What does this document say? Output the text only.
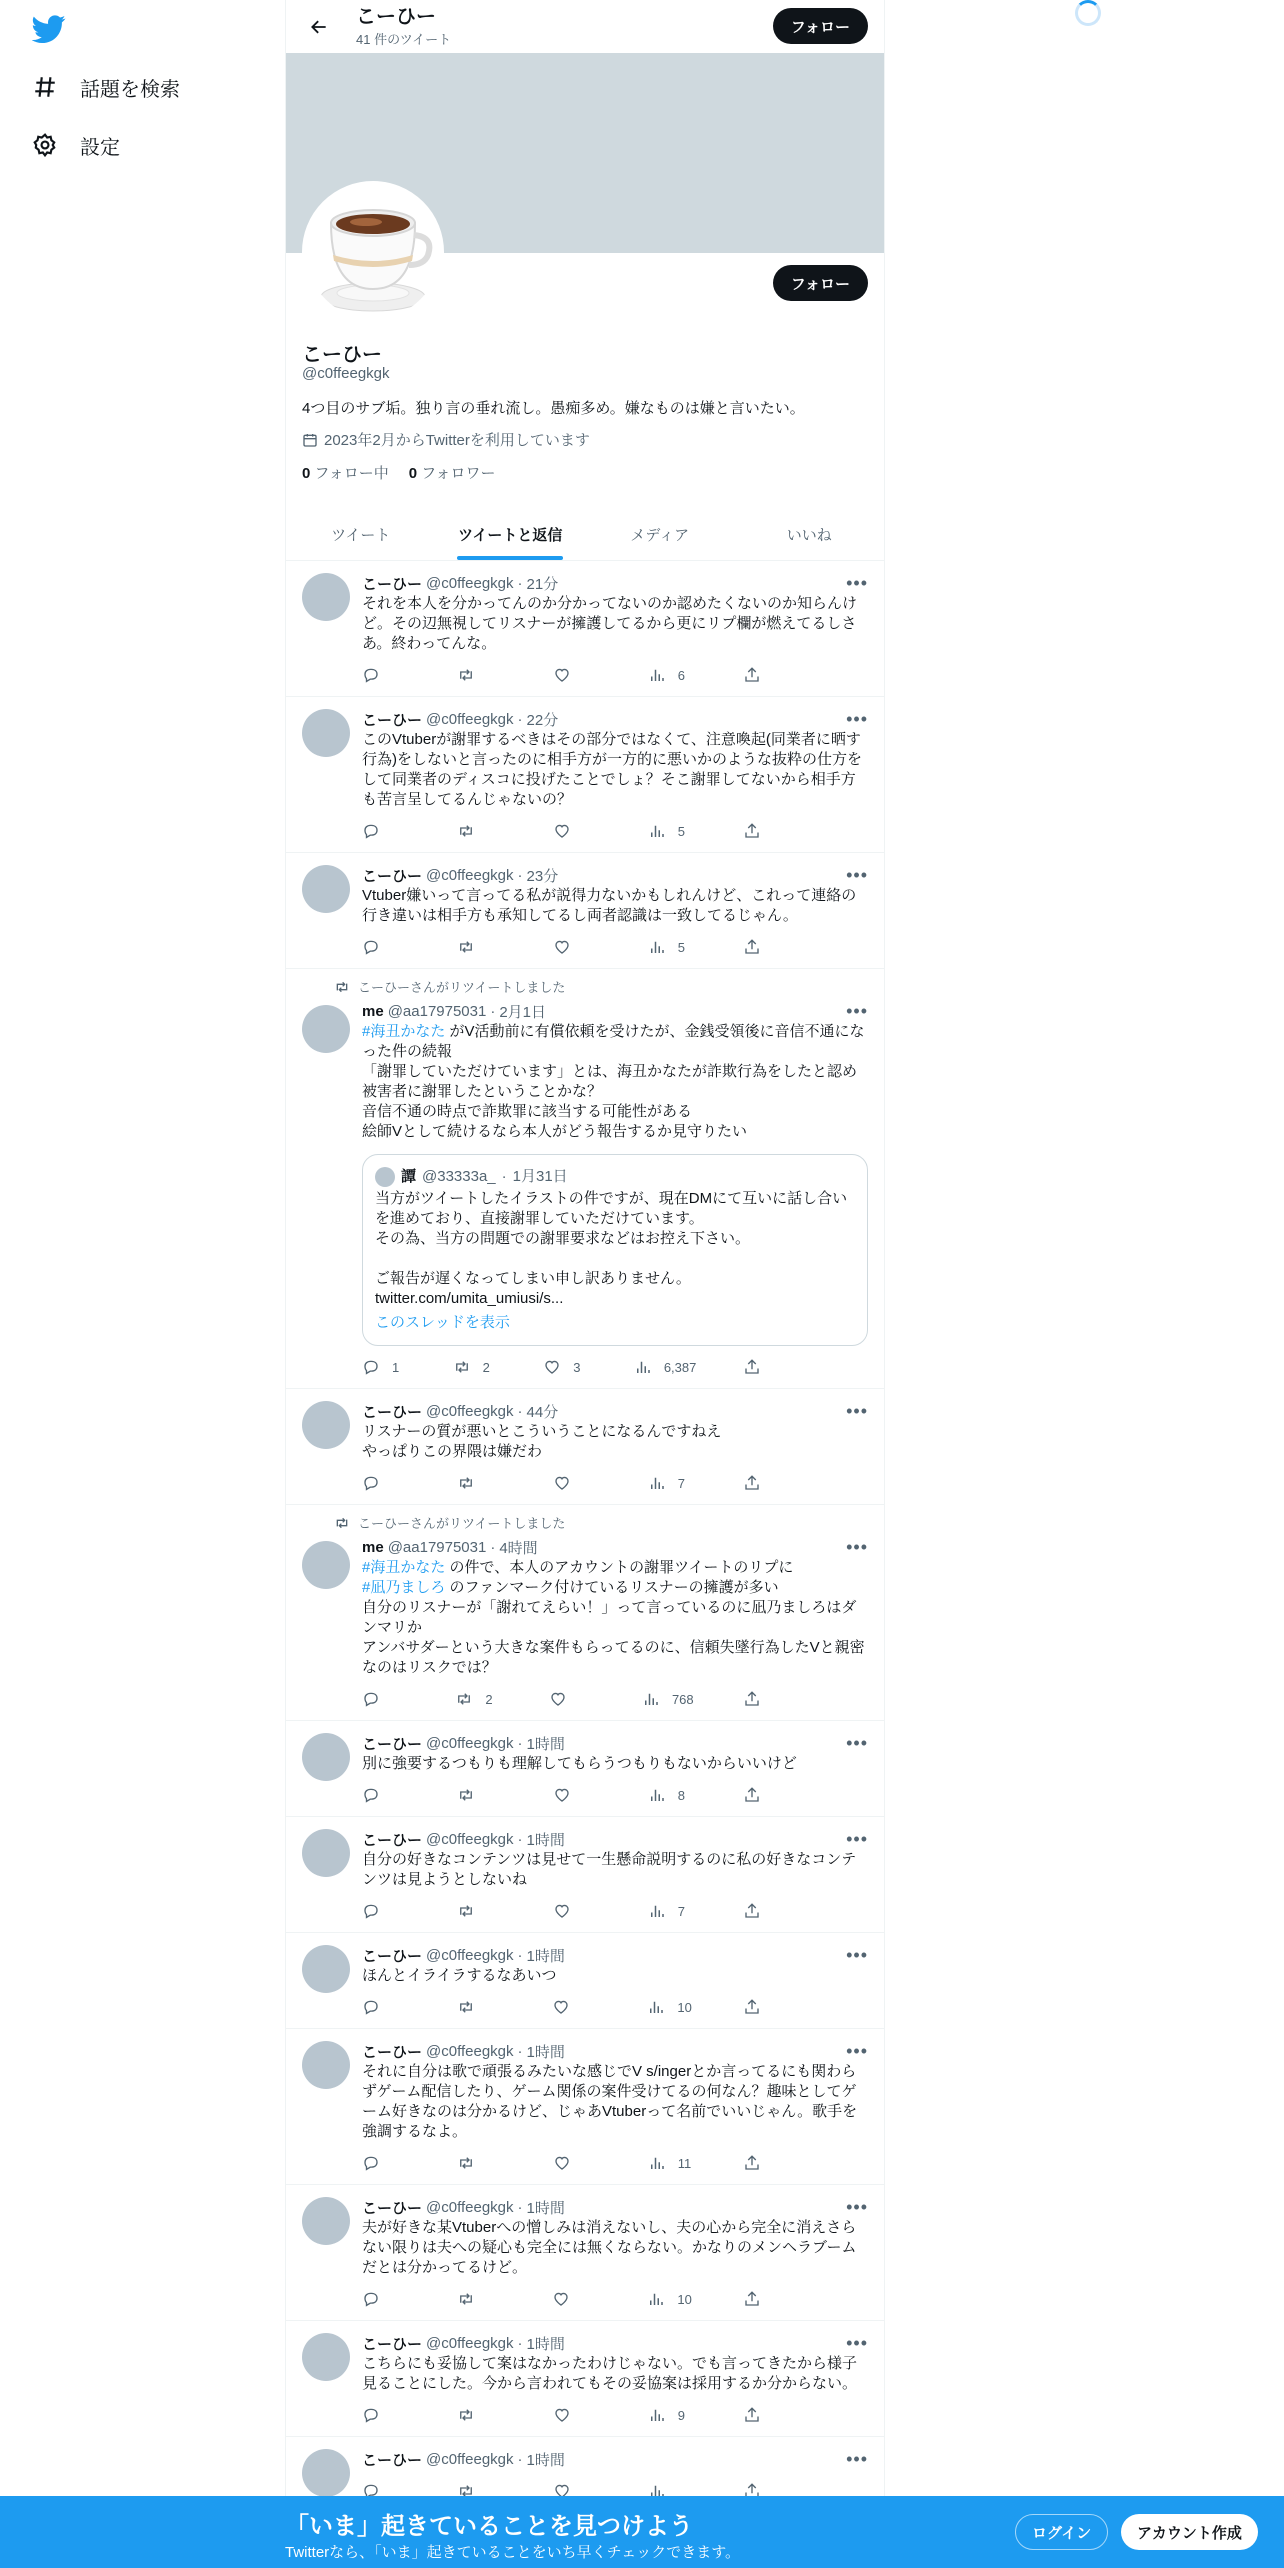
話題を検索
設定
こーひー
41 件のツイート
フォロー
フォロー
こーひー
@c0ffeegkgk
4つ目のサブ垢。独り言の垂れ流し。愚痴多め。嫌なものは嫌と言いたい。
2023年2月からTwitterを利用しています
0 フォロー中 0 フォロワー
ツイート	ツイートと返信	メディア	いいね
こーひー @c0ffeegkgk · 21分
それを本人を分かってんのか分かってないのか認めたくないのか知らんけど。その辺無視してリスナーが擁護してるから更にリプ欄が燃えてるしさあ。終わってんな。
6
•••
こーひー @c0ffeegkgk · 22分
このVtuberが謝罪するべきはその部分ではなくて、注意喚起(同業者に晒す行為)をしないと言ったのに相手方が一方的に悪いかのような抜粋の仕方をして同業者のディスコに投げたことでしょ？そこ謝罪してないから相手方も苦言呈してるんじゃないの？
5
•••
こーひー @c0ffeegkgk · 23分
Vtuber嫌いって言ってる私が説得力ないかもしれんけど、これって連絡の行き違いは相手方も承知してるし両者認識は一致してるじゃん。
5
•••
こーひーさんがリツイートしました
me @aa17975031 · 2月1日
#海丑かなた がV活動前に有償依頼を受けたが、金銭受領後に音信不通になった件の続報
「謝罪していただけています」とは、海丑かなたが詐欺行為をしたと認め被害者に謝罪したということかな？
音信不通の時点で詐欺罪に該当する可能性がある
絵師Vとして続けるなら本人がどう報告するか見守りたい
譚 @33333a_ · 1月31日
当方がツイートしたイラストの件ですが、現在DMにて互いに話し合いを進めており、直接謝罪していただけています。
その為、当方の問題での謝罪要求などはお控え下さい。

ご報告が遅くなってしまい申し訳ありません。
twitter.com/umita_umiusi/s...
このスレッドを表示
1	2	3	6,387
•••
こーひー @c0ffeegkgk · 44分
リスナーの質が悪いとこういうことになるんですねえ
やっぱりこの界隈は嫌だわ
7
•••
こーひーさんがリツイートしました
me @aa17975031 · 4時間
#海丑かなた の件で、本人のアカウントの謝罪ツイートのリプに
#凪乃ましろ のファンマーク付けているリスナーの擁護が多い
自分のリスナーが「謝れてえらい！」って言っているのに凪乃ましろはダンマリか
アンバサダーという大きな案件もらってるのに、信頼失墜行為したVと親密なのはリスクでは？
2	768
•••
こーひー @c0ffeegkgk · 1時間
別に強要するつもりも理解してもらうつもりもないからいいけど
8
•••
こーひー @c0ffeegkgk · 1時間
自分の好きなコンテンツは見せて一生懸命説明するのに私の好きなコンテンツは見ようとしないね
7
•••
こーひー @c0ffeegkgk · 1時間
ほんとイライラするなあいつ
10
•••
こーひー @c0ffeegkgk · 1時間
それに自分は歌で頑張るみたいな感じでV s/ingerとか言ってるにも関わらずゲーム配信したり、ゲーム関係の案件受けてるの何なん？趣味としてゲーム好きなのは分かるけど、じゃあVtuberって名前でいいじゃん。歌手を強調するなよ。
11
•••
こーひー @c0ffeegkgk · 1時間
夫が好きな某Vtuberへの憎しみは消えないし、夫の心から完全に消えさらない限りは夫への疑心も完全には無くならない。かなりのメンヘラブームだとは分かってるけど。
10
•••
こーひー @c0ffeegkgk · 1時間
こちらにも妥協して案はなかったわけじゃない。でも言ってきたから様子見ることにした。今から言われてもその妥協案は採用するか分からない。
9
•••
こーひー @c0ffeegkgk · 1時間	•••
「いま」起きていることを見つけよう
Twitterなら、「いま」起きていることをいち早くチェックできます。
ログイン	アカウント作成
